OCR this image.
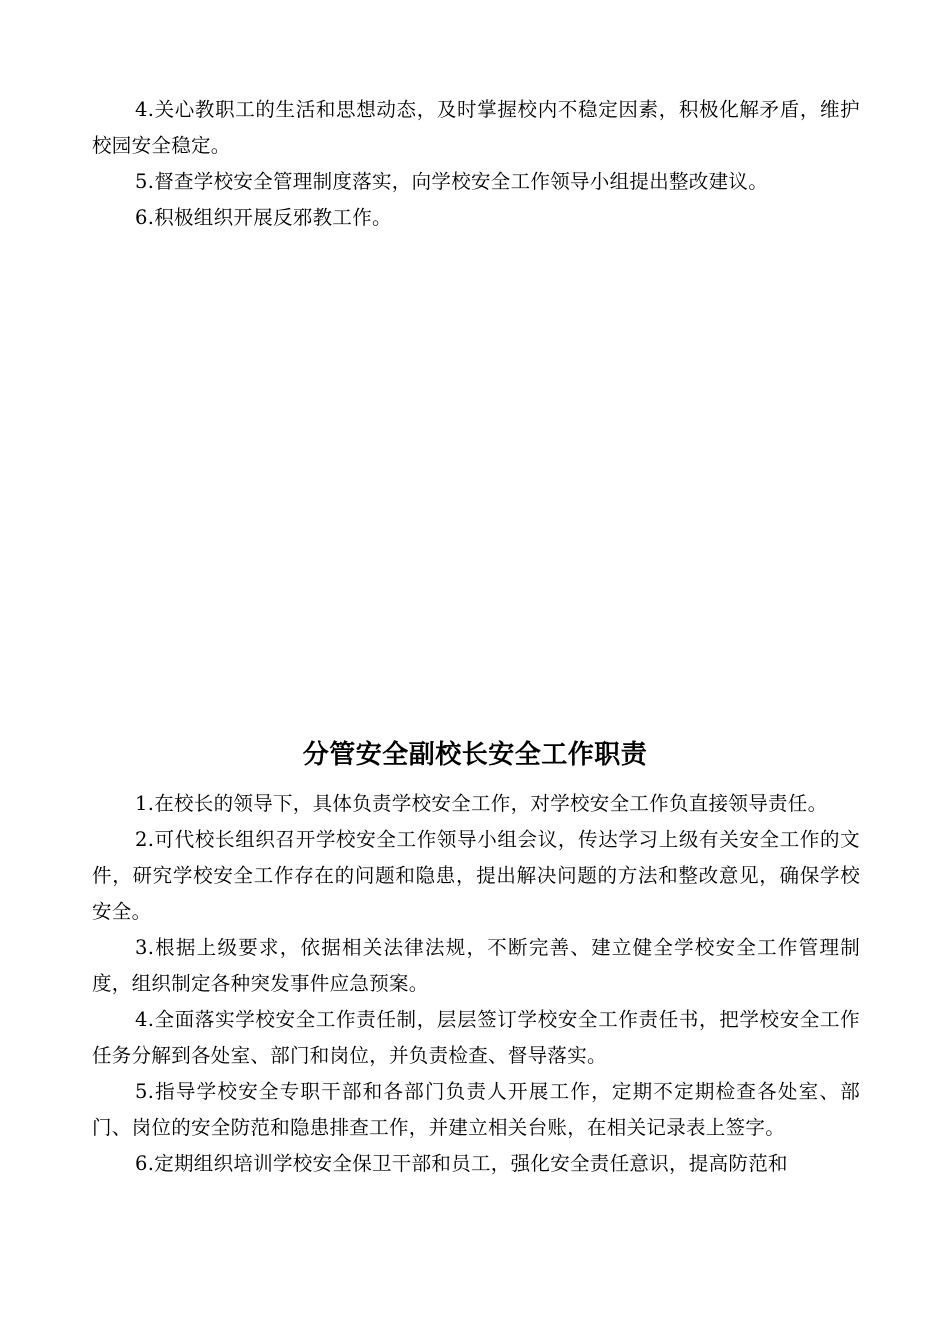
4.关心教职工的生活和思想动态，及时掌握校内不稳定因素，积极化解矛盾，维护校园安全稳定。

5.督查学校安全管理制度落实，向学校安全工作领导小组提出整改建议。

6.积极组织开展反邪教工作。

分管安全副校长安全工作职责

1.在校长的领导下，具体负责学校安全工作，对学校安全工作负直接领导责任。

2.可代校长组织召开学校安全工作领导小组会议，传达学习上级有关安全工作的文件，研究学校安全工作存在的问题和隐患，提出解决问题的方法和整改意见，确保学校安全。

3.根据上级要求，依据相关法律法规，不断完善、建立健全学校安全工作管理制度，组织制定各种突发事件应急预案。

4.全面落实学校安全工作责任制，层层签订学校安全工作责任书，把学校安全工作任务分解到各处室、部门和岗位，并负责检查、督导落实。

5.指导学校安全专职干部和各部门负责人开展工作，定期不定期检查各处室、部门、岗位的安全防范和隐患排查工作，并建立相关台账，在相关记录表上签字。

6.定期组织培训学校安全保卫干部和员工，强化安全责任意识，提高防范和
